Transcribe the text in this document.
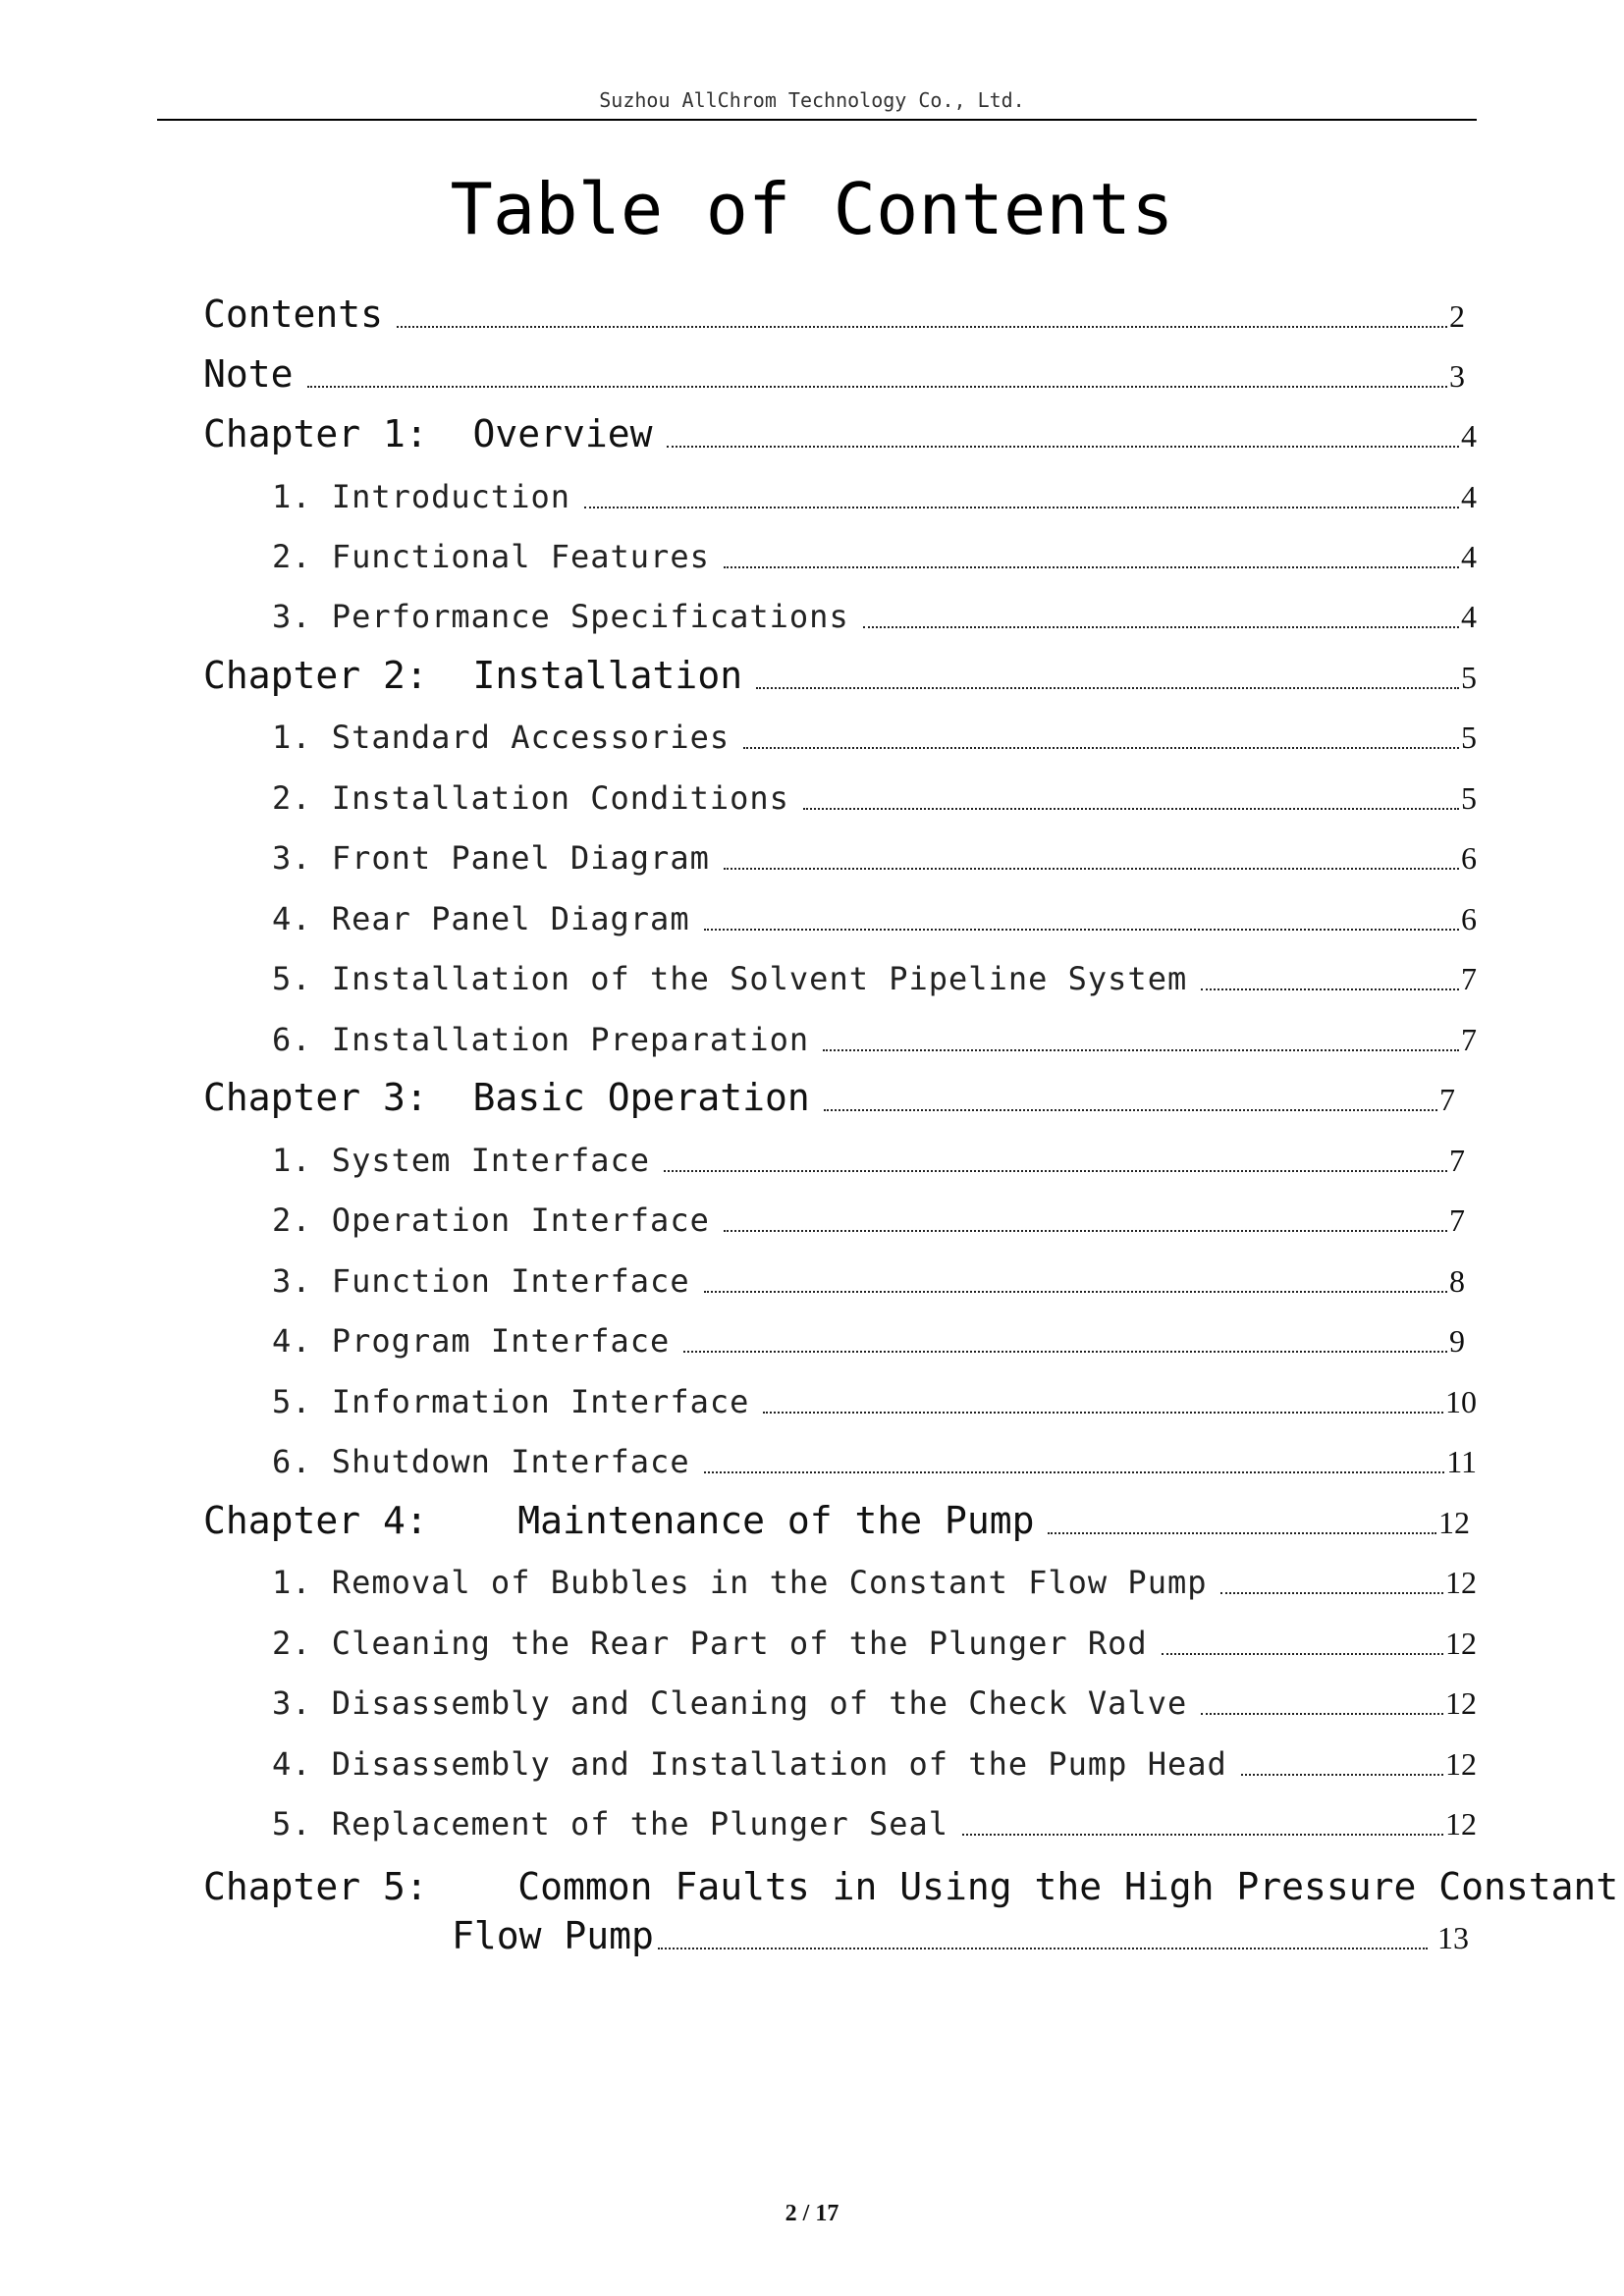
Suzhou AllChrom Technology Co., Ltd.
Table of Contents
Contents	2
Note	3
Chapter 1:  Overview	4
1. Introduction	4
2. Functional Features	4
3. Performance Specifications	4
Chapter 2:  Installation	5
1. Standard Accessories	5
2. Installation Conditions	5
3. Front Panel Diagram	6
4. Rear Panel Diagram	6
5. Installation of the Solvent Pipeline System	7
6. Installation Preparation	7
Chapter 3:  Basic Operation	7
1. System Interface	7
2. Operation Interface	7
3. Function Interface	8
4. Program Interface	9
5. Information Interface	10
6. Shutdown Interface	11
Chapter 4:    Maintenance of the Pump	12
1. Removal of Bubbles in the Constant Flow Pump	12
2. Cleaning the Rear Part of the Plunger Rod	12
3. Disassembly and Cleaning of the Check Valve	12
4. Disassembly and Installation of the Pump Head	12
5. Replacement of the Plunger Seal	12
Chapter 5:    Common Faults in Using the High Pressure Constant
Flow Pump	13
2 / 17
